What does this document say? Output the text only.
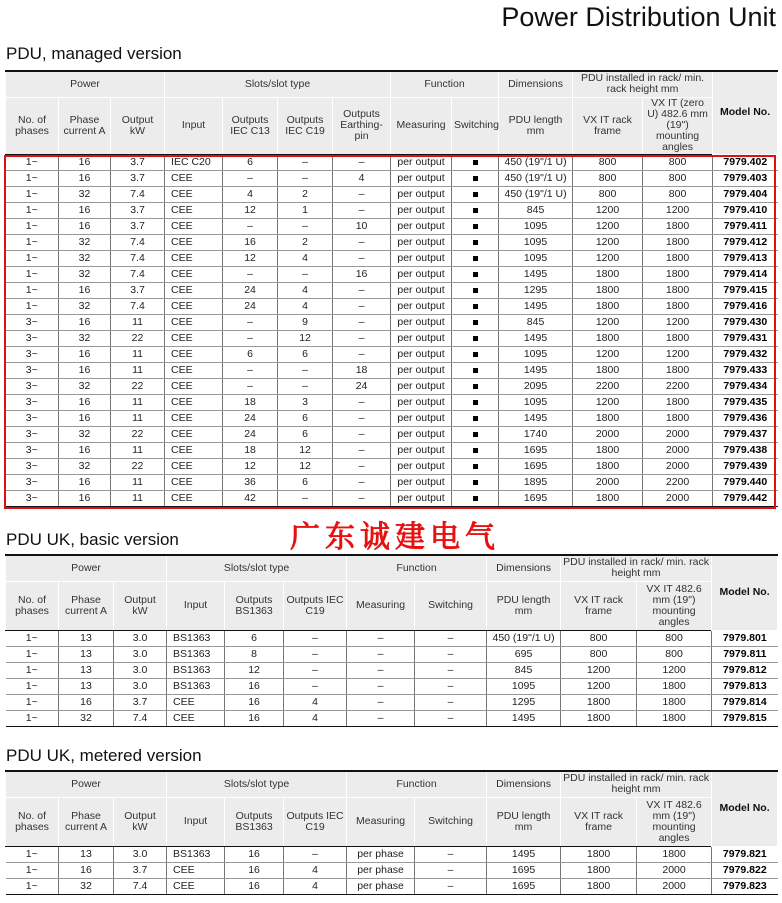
Power Distribution Unit
PDU, managed version
Power			Slots/slot type				Function		Dimensions	PDU installed in rack/ min. rack height mm		Model No.
No. of phases	Phase current A	Output kW	Input	Outputs IEC C13	Outputs IEC C19	Outputs Earthing-pin	Measuring	Switching	PDU length mm	VX IT rack frame	VX IT (zero U) 482.6 mm (19") mounting angles	
1~	16	3.7	IEC C20	6	–	–	per output		450 (19"/1 U)	800	800	7979.402
1~	16	3.7	CEE	–	–	4	per output		450 (19"/1 U)	800	800	7979.403
1~	32	7.4	CEE	4	2	–	per output		450 (19"/1 U)	800	800	7979.404
1~	16	3.7	CEE	12	1	–	per output		845	1200	1200	7979.410
1~	16	3.7	CEE	–	–	10	per output		1095	1200	1800	7979.411
1~	32	7.4	CEE	16	2	–	per output		1095	1200	1800	7979.412
1~	32	7.4	CEE	12	4	–	per output		1095	1200	1800	7979.413
1~	32	7.4	CEE	–	–	16	per output		1495	1800	1800	7979.414
1~	16	3.7	CEE	24	4	–	per output		1295	1800	1800	7979.415
1~	32	7.4	CEE	24	4	–	per output		1495	1800	1800	7979.416
3~	16	11	CEE	–	9	–	per output		845	1200	1200	7979.430
3~	32	22	CEE	–	12	–	per output		1495	1800	1800	7979.431
3~	16	11	CEE	6	6	–	per output		1095	1200	1200	7979.432
3~	16	11	CEE	–	–	18	per output		1495	1800	1800	7979.433
3~	32	22	CEE	–	–	24	per output		2095	2200	2200	7979.434
3~	16	11	CEE	18	3	–	per output		1095	1200	1800	7979.435
3~	16	11	CEE	24	6	–	per output		1495	1800	1800	7979.436
3~	32	22	CEE	24	6	–	per output		1740	2000	2000	7979.437
3~	16	11	CEE	18	12	–	per output		1695	1800	2000	7979.438
3~	32	22	CEE	12	12	–	per output		1695	1800	2000	7979.439
3~	16	11	CEE	36	6	–	per output		1895	2000	2200	7979.440
3~	16	11	CEE	42	–	–	per output		1695	1800	2000	7979.442
广东诚建电气
PDU UK, basic version
Power			Slots/slot type			Function		Dimensions	PDU installed in rack/ min. rack height mm		Model No.
No. of phases	Phase current A	Output kW	Input	Outputs BS1363	Outputs IEC C19	Measuring	Switching	PDU length mm	VX IT rack frame	VX IT 482.6 mm (19") mounting angles	
1~	13	3.0	BS1363	6	–	–	–	450 (19"/1 U)	800	800	7979.801
1~	13	3.0	BS1363	8	–	–	–	695	800	800	7979.811
1~	13	3.0	BS1363	12	–	–	–	845	1200	1200	7979.812
1~	13	3.0	BS1363	16	–	–	–	1095	1200	1800	7979.813
1~	16	3.7	CEE	16	4	–	–	1295	1800	1800	7979.814
1~	32	7.4	CEE	16	4	–	–	1495	1800	1800	7979.815
PDU UK, metered version
Power			Slots/slot type			Function		Dimensions	PDU installed in rack/ min. rack height mm		Model No.
No. of phases	Phase current A	Output kW	Input	Outputs BS1363	Outputs IEC C19	Measuring	Switching	PDU length mm	VX IT rack frame	VX IT 482.6 mm (19") mounting angles	
1~	13	3.0	BS1363	16	–	per phase	–	1495	1800	1800	7979.821
1~	16	3.7	CEE	16	4	per phase	–	1695	1800	2000	7979.822
1~	32	7.4	CEE	16	4	per phase	–	1695	1800	2000	7979.823
